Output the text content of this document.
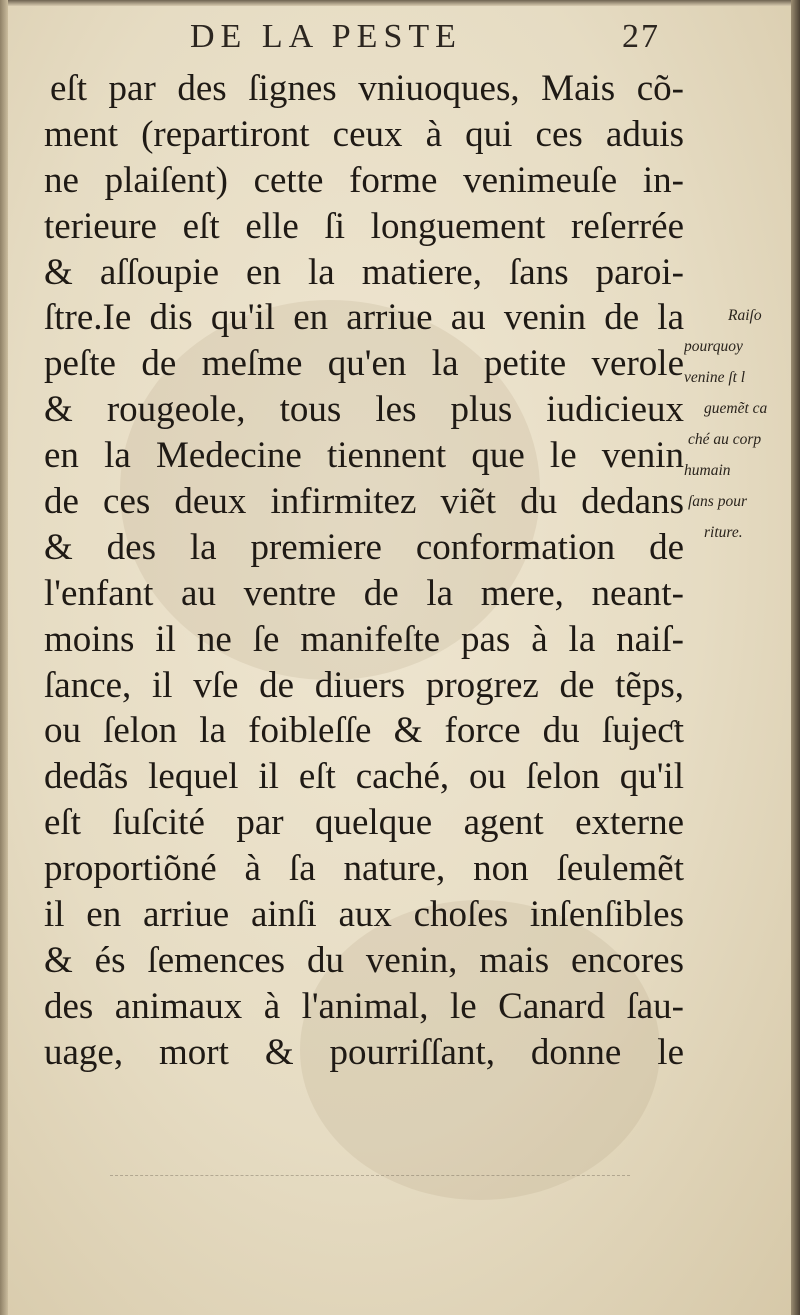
DE LA PESTE	27
eſt par des ſignes vniuoques, Mais cõ-
ment (repartiront ceux à qui ces aduis
ne plaiſent) cette forme venimeuſe in-
terieure eſt elle ſi longuement reſerrée
& aſſoupie en la matiere, ſans paroi-
ſtre.Ie dis qu'il en arriue au venin de la
peſte de meſme qu'en la petite verole
& rougeole, tous les plus iudicieux
en la Medecine tiennent que le venin
de ces deux infirmitez viẽt du dedans
& des la premiere conformation de
l'enfant au ventre de la mere, neant-
moins il ne ſe manifeſte pas à la naiſ-
ſance, il vſe de diuers progrez de tẽps,
ou ſelon la foibleſſe & force du ſujeƈt
dedãs lequel il eſt caché, ou ſelon qu'il
eſt ſuſcité par quelque agent externe
proportiõné à ſa nature, non ſeulemẽt
il en arriue ainſi aux choſes inſenſibles
& és ſemences du venin, mais encores
des animaux à l'animal, le Canard ſau-
uage, mort & pourriſſant, donne le
Raiſo
pourquoy
venine ſt l
guemẽt ca
ché au corp
humain
ſans pour
riture.
